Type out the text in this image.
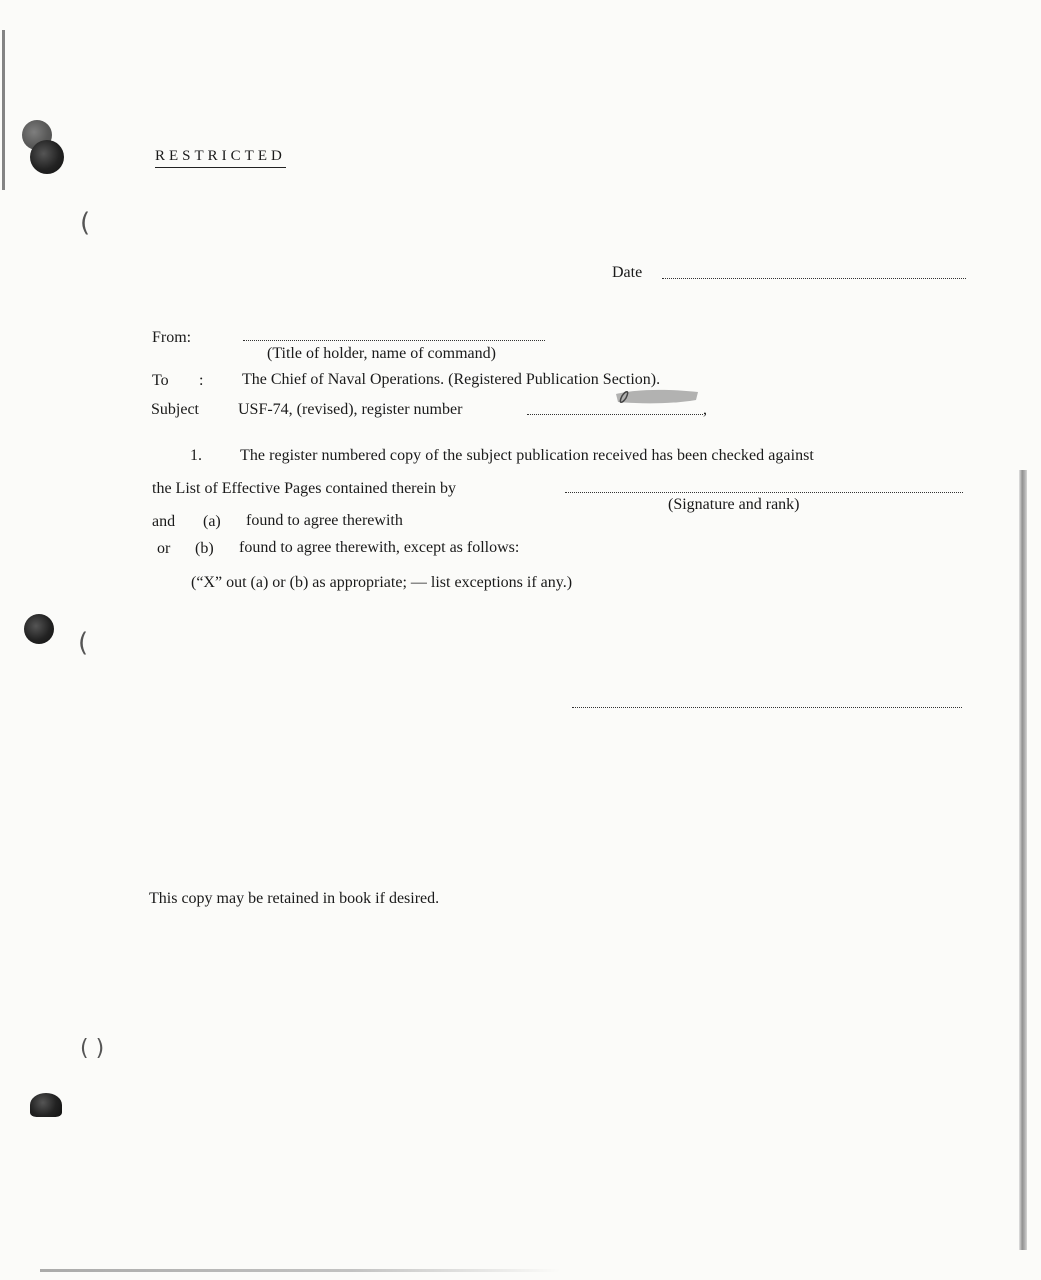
(
(
( )
RESTRICTED
Date
From:
(Title of holder, name of command)
To : The Chief of Naval Operations. (Registered Publication Section).
Subject USF-74, (revised), register number	,
1. The register numbered copy of the subject publication received has been checked against
the List of Effective Pages contained therein by
(Signature and rank)
and (a) found to agree therewith
or (b) found to agree therewith, except as follows:
(“X” out (a) or (b) as appropriate; — list exceptions if any.)
This copy may be retained in book if desired.
